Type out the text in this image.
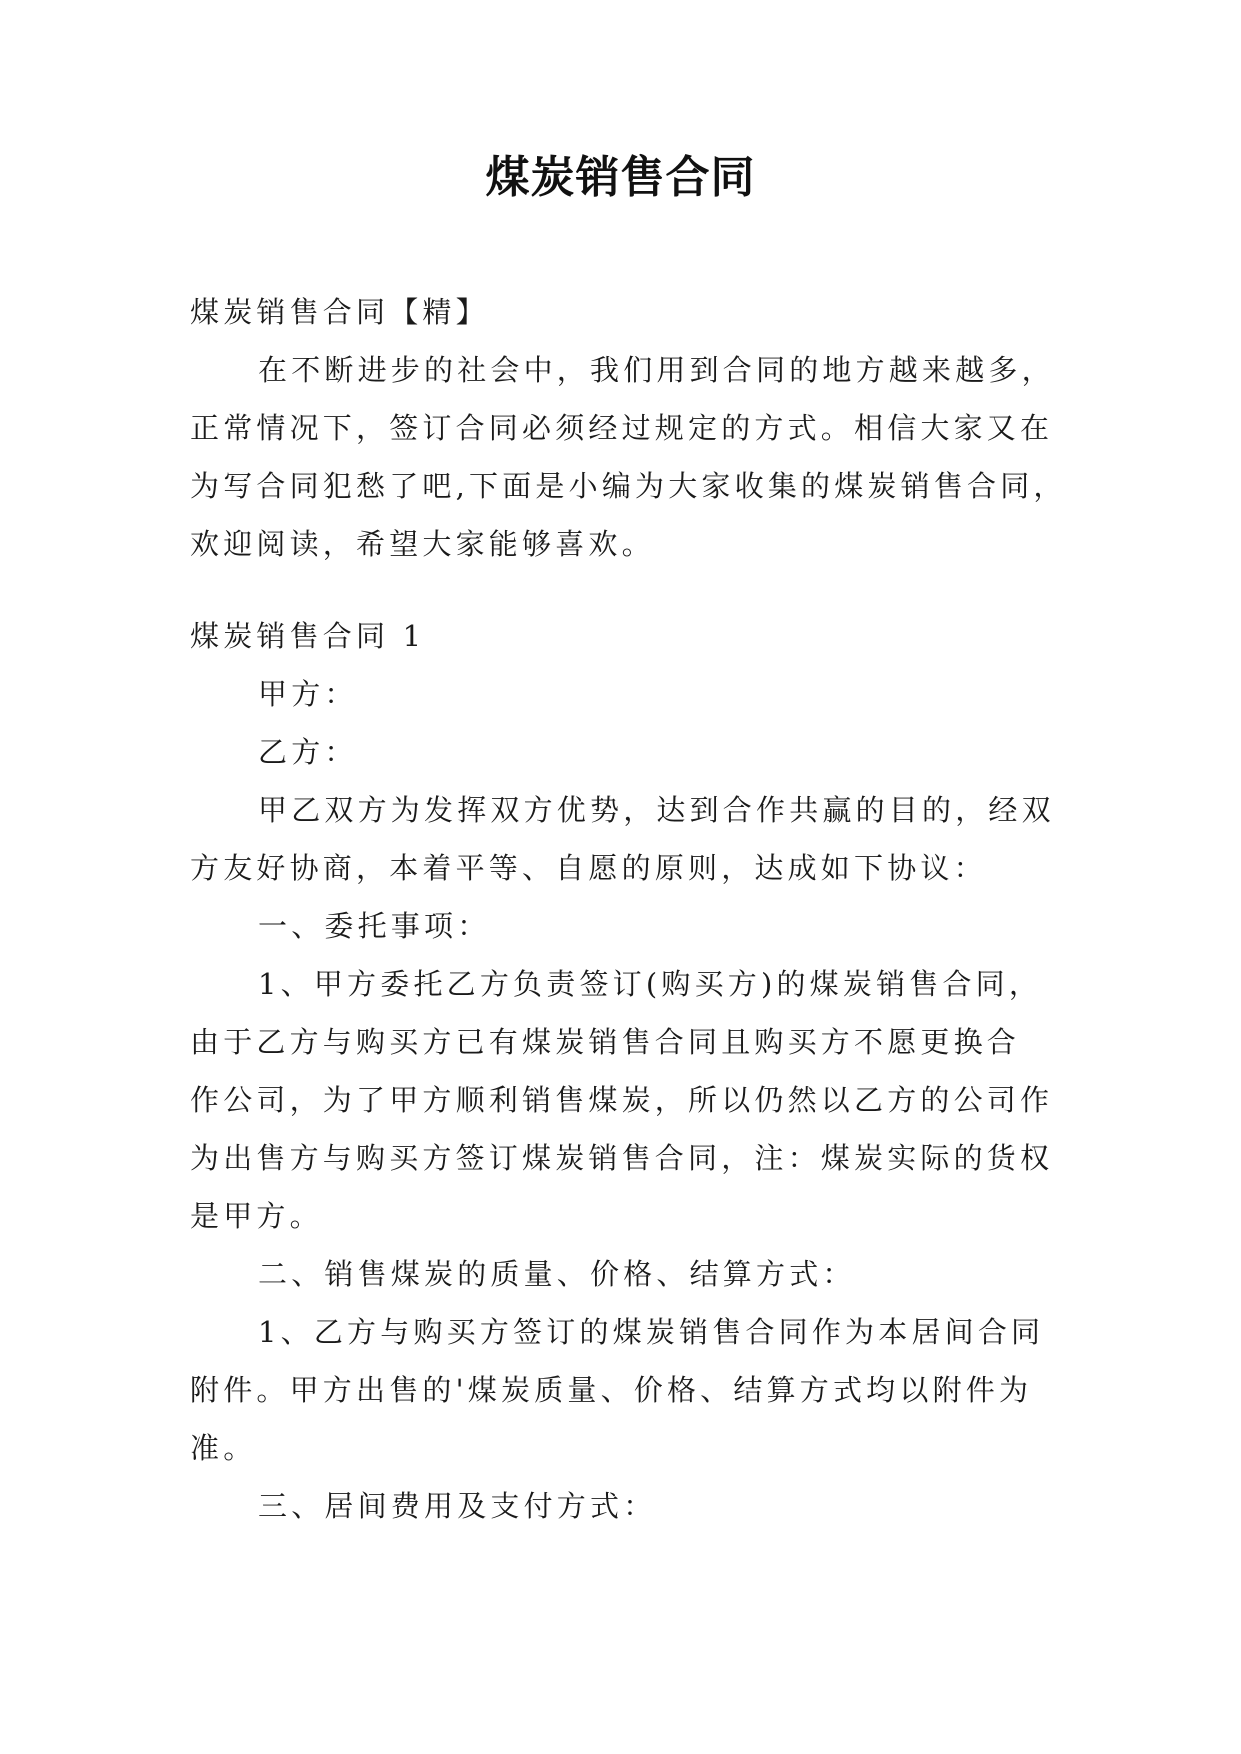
煤炭销售合同

煤炭销售合同【精】

在不断进步的社会中，我们用到合同的地方越来越多，
正常情况下，签订合同必须经过规定的方式。相信大家又在
为写合同犯愁了吧,下面是小编为大家收集的煤炭销售合同，
欢迎阅读，希望大家能够喜欢。

煤炭销售合同 1

甲方：

乙方：

甲乙双方为发挥双方优势，达到合作共赢的目的，经双
方友好协商，本着平等、自愿的原则，达成如下协议：

一、委托事项：

1、甲方委托乙方负责签订(购买方)的煤炭销售合同，
由于乙方与购买方已有煤炭销售合同且购买方不愿更换合
作公司，为了甲方顺利销售煤炭，所以仍然以乙方的公司作
为出售方与购买方签订煤炭销售合同，注：煤炭实际的货权
是甲方。

二、销售煤炭的质量、价格、结算方式：

1、乙方与购买方签订的煤炭销售合同作为本居间合同
附件。甲方出售的'煤炭质量、价格、结算方式均以附件为
准。

三、居间费用及支付方式：
